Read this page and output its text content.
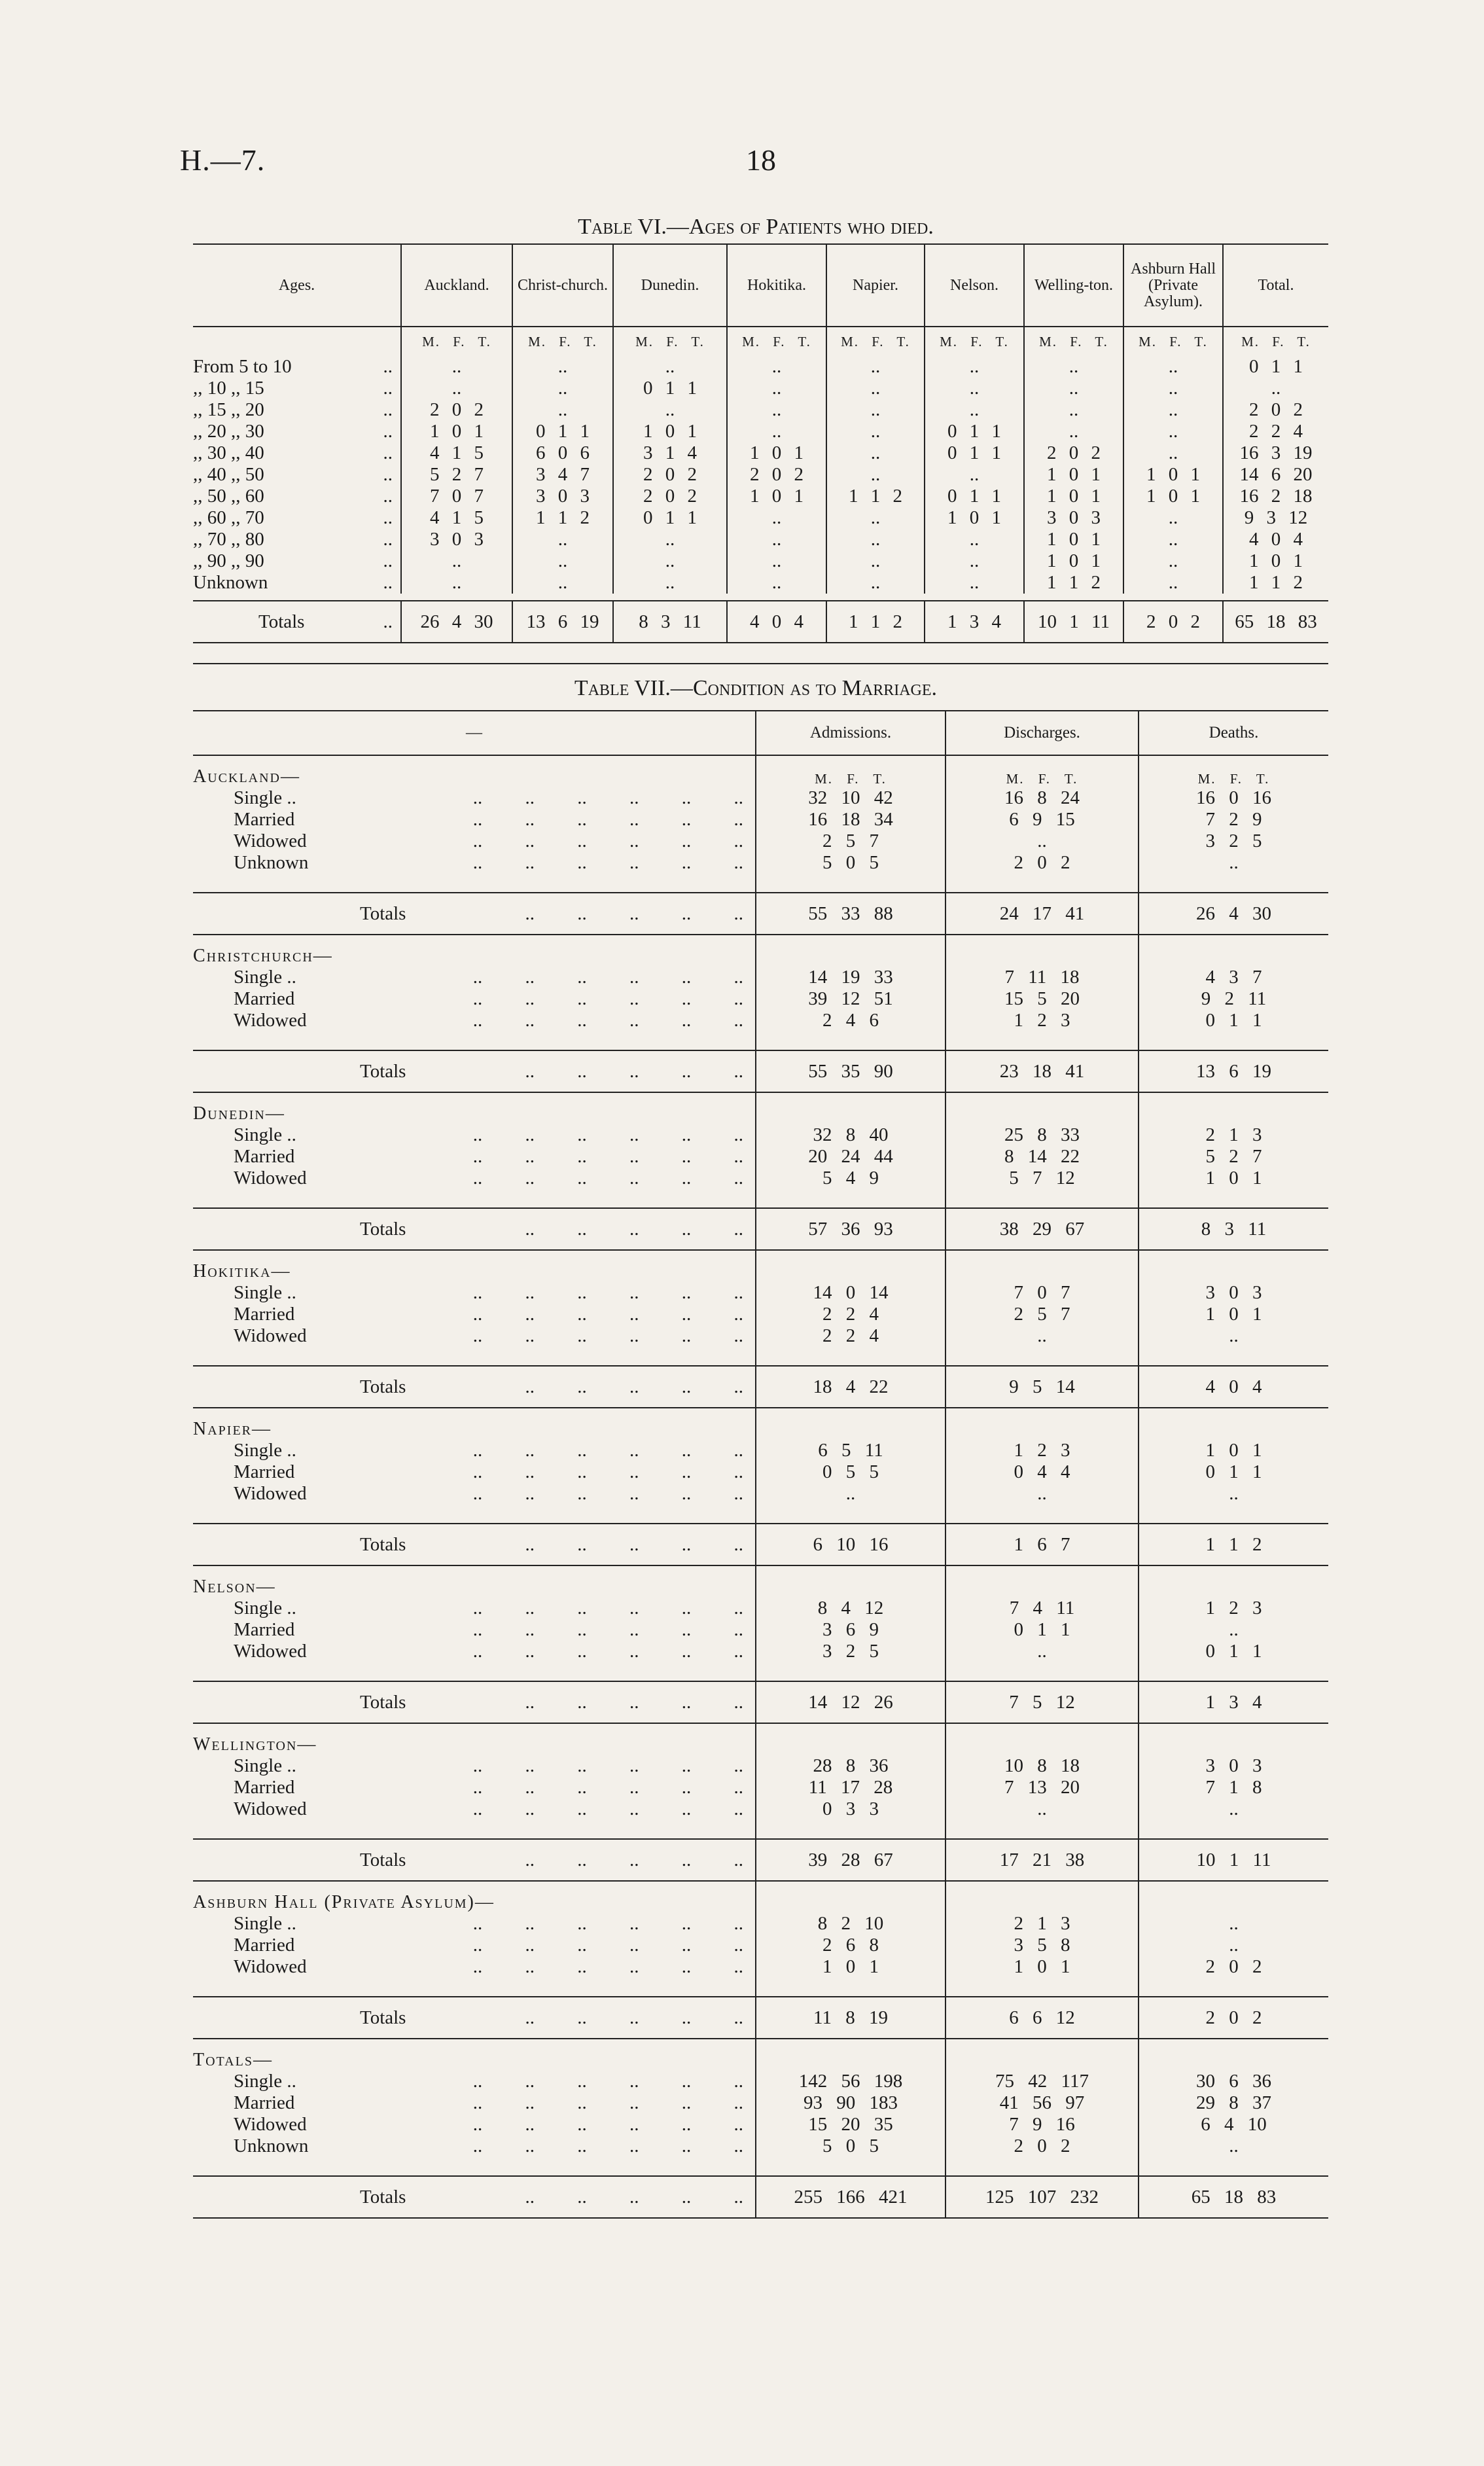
H.—7.	18
Table VI.—Ages of Patients who died.
Ages.	Auckland.	Christ-church.	Dunedin.	Hokitika.	Napier.	Nelson.	Welling-ton.	Ashburn Hall (Private Asylum).	Total.
	M. F. T.	M. F. T.	M. F. T.	M. F. T.	M. F. T.	M. F. T.	M. F. T.	M. F. T.	M. F. T.
From 5 to 10 ..	..	..	..	..	..	..	..	..	0 1 1
,, 10 ,, 15 ..	..	..	0 1 1	..	..	..	..	..	..
,, 15 ,, 20 ..	2 0 2	..	..	..	..	..	..	..	2 0 2
,, 20 ,, 30 ..	1 0 1	0 1 1	1 0 1	..	..	0 1 1	..	..	2 2 4
,, 30 ,, 40 ..	4 1 5	6 0 6	3 1 4	1 0 1	..	0 1 1	2 0 2	..	16 3 19
,, 40 ,, 50 ..	5 2 7	3 4 7	2 0 2	2 0 2	..	..	1 0 1	1 0 1	14 6 20
,, 50 ,, 60 ..	7 0 7	3 0 3	2 0 2	1 0 1	1 1 2	0 1 1	1 0 1	1 0 1	16 2 18
,, 60 ,, 70 ..	4 1 5	1 1 2	0 1 1	..	..	1 0 1	3 0 3	..	9 3 12
,, 70 ,, 80 ..	3 0 3	..	..	..	..	..	1 0 1	..	4 0 4
,, 90 ,, 90 ..	..	..	..	..	..	..	1 0 1	..	1 0 1
Unknown ..	..	..	..	..	..	..	1 1 2	..	1 1 2

Totals ..	26 4 30	13 6 19	8 3 11	4 0 4	1 1 2	1 3 4	10 1 11	2 0 2	65 18 83
Table VII.—Condition as to Marriage.
—	Admissions.	Discharges.	Deaths.
Auckland—	M. F. T.	M. F. T.	M. F. T.
Single .. .. .. .. .. .. ..	32 10 42	16 8 24	16 0 16
Married .. .. .. .. .. ..	16 18 34	6 9 15	7 2 9
Widowed .. .. .. .. .. ..	2 5 7	..	3 2 5
Unknown .. .. .. .. .. ..	5 0 5	2 0 2	..

Totals .. .. .. .. ..	55 33 88	24 17 41	26 4 30
Christchurch—			
Single .. .. .. .. .. .. ..	14 19 33	7 11 18	4 3 7
Married .. .. .. .. .. ..	39 12 51	15 5 20	9 2 11
Widowed .. .. .. .. .. ..	2 4 6	1 2 3	0 1 1

Totals .. .. .. .. ..	55 35 90	23 18 41	13 6 19
Dunedin—			
Single .. .. .. .. .. .. ..	32 8 40	25 8 33	2 1 3
Married .. .. .. .. .. ..	20 24 44	8 14 22	5 2 7
Widowed .. .. .. .. .. ..	5 4 9	5 7 12	1 0 1

Totals .. .. .. .. ..	57 36 93	38 29 67	8 3 11
Hokitika—			
Single .. .. .. .. .. .. ..	14 0 14	7 0 7	3 0 3
Married .. .. .. .. .. ..	2 2 4	2 5 7	1 0 1
Widowed .. .. .. .. .. ..	2 2 4	..	..

Totals .. .. .. .. ..	18 4 22	9 5 14	4 0 4
Napier—			
Single .. .. .. .. .. .. ..	6 5 11	1 2 3	1 0 1
Married .. .. .. .. .. ..	0 5 5	0 4 4	0 1 1
Widowed .. .. .. .. .. ..	..	..	..

Totals .. .. .. .. ..	6 10 16	1 6 7	1 1 2
Nelson—			
Single .. .. .. .. .. .. ..	8 4 12	7 4 11	1 2 3
Married .. .. .. .. .. ..	3 6 9	0 1 1	..
Widowed .. .. .. .. .. ..	3 2 5	..	0 1 1

Totals .. .. .. .. ..	14 12 26	7 5 12	1 3 4
Wellington—			
Single .. .. .. .. .. .. ..	28 8 36	10 8 18	3 0 3
Married .. .. .. .. .. ..	11 17 28	7 13 20	7 1 8
Widowed .. .. .. .. .. ..	0 3 3	..	..

Totals .. .. .. .. ..	39 28 67	17 21 38	10 1 11
Ashburn Hall (Private Asylum)—			
Single .. .. .. .. .. .. ..	8 2 10	2 1 3	..
Married .. .. .. .. .. ..	2 6 8	3 5 8	..
Widowed .. .. .. .. .. ..	1 0 1	1 0 1	2 0 2

Totals .. .. .. .. ..	11 8 19	6 6 12	2 0 2
Totals—			
Single .. .. .. .. .. .. ..	142 56 198	75 42 117	30 6 36
Married .. .. .. .. .. ..	93 90 183	41 56 97	29 8 37
Widowed .. .. .. .. .. ..	15 20 35	7 9 16	6 4 10
Unknown .. .. .. .. .. ..	5 0 5	2 0 2	..

Totals .. .. .. .. ..	255 166 421	125 107 232	65 18 83
